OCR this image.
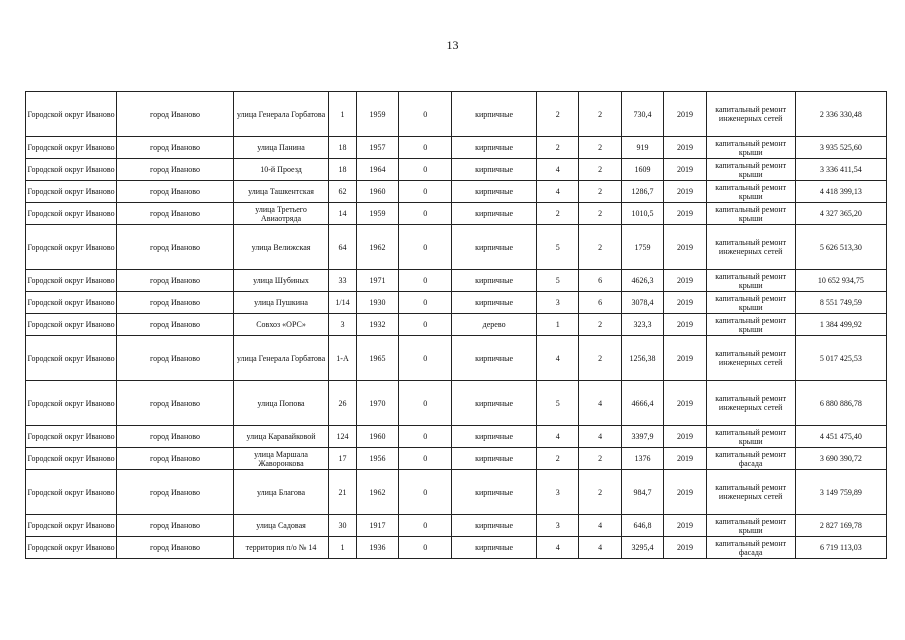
13
Городской округ Иваново	город Иваново	улица Генерала Горбатова	1	1959	0	кирпичные	2	2	730,4	2019	капитальный ремонт инженерных сетей	2 336 330,48
Городской округ Иваново	город Иваново	улица Панина	18	1957	0	кирпичные	2	2	919	2019	капитальный ремонт крыши	3 935 525,60
Городской округ Иваново	город Иваново	10-й Проезд	18	1964	0	кирпичные	4	2	1609	2019	капитальный ремонт крыши	3 336 411,54
Городской округ Иваново	город Иваново	улица Ташкентская	62	1960	0	кирпичные	4	2	1286,7	2019	капитальный ремонт крыши	4 418 399,13
Городской округ Иваново	город Иваново	улица Третьего Авиаотряда	14	1959	0	кирпичные	2	2	1010,5	2019	капитальный ремонт крыши	4 327 365,20
Городской округ Иваново	город Иваново	улица Велижская	64	1962	0	кирпичные	5	2	1759	2019	капитальный ремонт инженерных сетей	5 626 513,30
Городской округ Иваново	город Иваново	улица Шубиных	33	1971	0	кирпичные	5	6	4626,3	2019	капитальный ремонт крыши	10 652 934,75
Городской округ Иваново	город Иваново	улица Пушкина	1/14	1930	0	кирпичные	3	6	3078,4	2019	капитальный ремонт крыши	8 551 749,59
Городской округ Иваново	город Иваново	Совхоз «ОРС»	3	1932	0	дерево	1	2	323,3	2019	капитальный ремонт крыши	1 384 499,92
Городской округ Иваново	город Иваново	улица Генерала Горбатова	1-А	1965	0	кирпичные	4	2	1256,38	2019	капитальный ремонт инженерных сетей	5 017 425,53
Городской округ Иваново	город Иваново	улица Попова	26	1970	0	кирпичные	5	4	4666,4	2019	капитальный ремонт инженерных сетей	6 880 886,78
Городской округ Иваново	город Иваново	улица Каравайковой	124	1960	0	кирпичные	4	4	3397,9	2019	капитальный ремонт крыши	4 451 475,40
Городской округ Иваново	город Иваново	улица Маршала Жаворонкова	17	1956	0	кирпичные	2	2	1376	2019	капитальный ремонт фасада	3 690 390,72
Городской округ Иваново	город Иваново	улица Благова	21	1962	0	кирпичные	3	2	984,7	2019	капитальный ремонт инженерных сетей	3 149 759,89
Городской округ Иваново	город Иваново	улица Садовая	30	1917	0	кирпичные	3	4	646,8	2019	капитальный ремонт крыши	2 827 169,78
Городской округ Иваново	город Иваново	территория п/о № 14	1	1936	0	кирпичные	4	4	3295,4	2019	капитальный ремонт фасада	6 719 113,03
